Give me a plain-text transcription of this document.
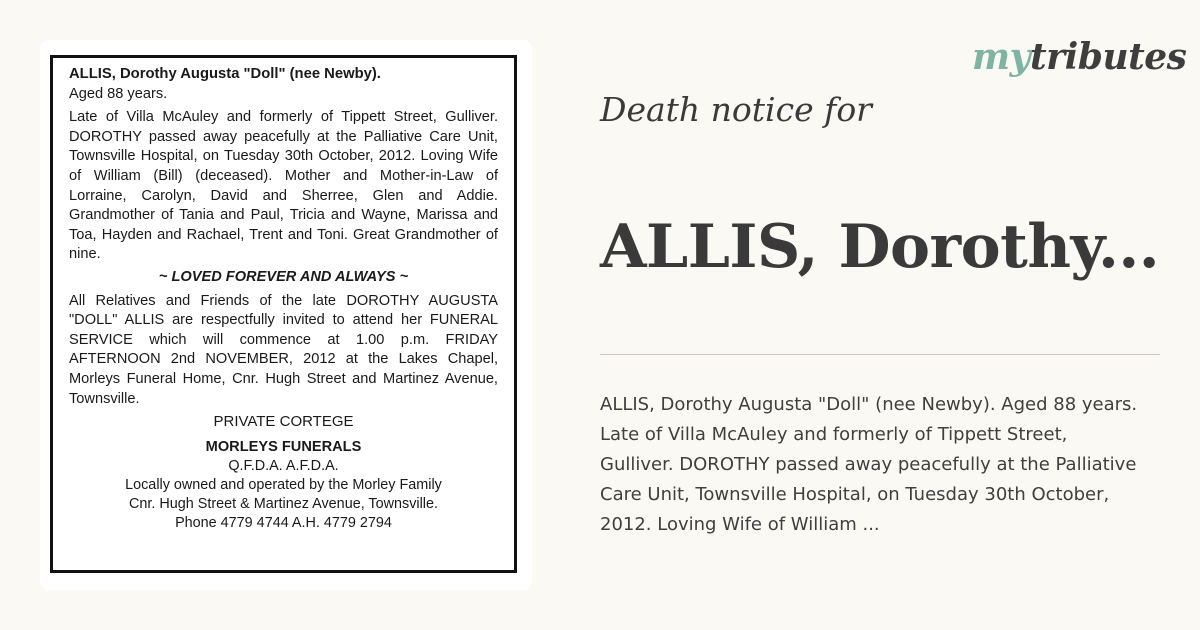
ALLIS, Dorothy Augusta "Doll" (nee Newby).

Aged 88 years.

Late of Villa McAuley and formerly of Tippett Street, Gulliver. DOROTHY passed away peacefully at the Palliative Care Unit, Townsville Hospital, on Tuesday 30th October, 2012. Loving Wife of William (Bill) (deceased). Mother and Mother-in-Law of Lorraine, Carolyn, David and Sherree, Glen and Addie. Grandmother of Tania and Paul, Tricia and Wayne, Marissa and Toa, Hayden and Rachael, Trent and Toni. Great Grandmother of nine.

~ LOVED FOREVER AND ALWAYS ~

All Relatives and Friends of the late DOROTHY AUGUSTA "DOLL" ALLIS are respectfully invited to attend her FUNERAL SERVICE which will commence at 1.00 p.m. FRIDAY AFTERNOON 2nd NOVEMBER, 2012 at the Lakes Chapel, Morleys Funeral Home, Cnr. Hugh Street and Martinez Avenue, Townsville.

PRIVATE CORTEGE
MORLEYS FUNERALS
Q.F.D.A. A.F.D.A.
Locally owned and operated by the Morley Family
Cnr. Hugh Street & Martinez Avenue, Townsville.
Phone 4779 4744 A.H. 4779 2794
mytributes
Death notice for
ALLIS, Dorothy...
ALLIS, Dorothy Augusta "Doll" (nee Newby). Aged 88 years. Late of Villa McAuley and formerly of Tippett Street, Gulliver. DOROTHY passed away peacefully at the Palliative Care Unit, Townsville Hospital, on Tuesday 30th October, 2012. Loving Wife of William ...
